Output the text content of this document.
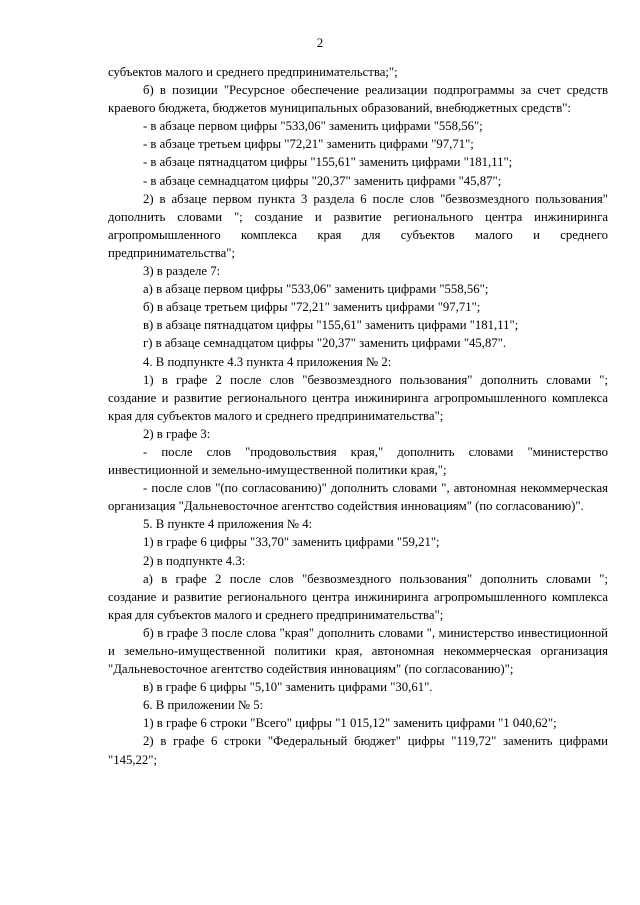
2

субъектов малого и среднего предпринимательства;";

б) в позиции "Ресурсное обеспечение реализации подпрограммы за счет средств краевого бюджета, бюджетов муниципальных образований, внебюджетных средств":

- в абзаце первом цифры "533,06" заменить цифрами "558,56";

- в абзаце третьем цифры "72,21" заменить цифрами "97,71";

- в абзаце пятнадцатом цифры "155,61" заменить цифрами "181,11";

- в абзаце семнадцатом цифры "20,37" заменить цифрами "45,87";

2) в абзаце первом пункта 3 раздела 6 после слов "безвозмездного пользования" дополнить словами "; создание и развитие регионального центра инжиниринга агропромышленного комплекса края для субъектов малого и среднего предпринимательства";

3) в разделе 7:

а) в абзаце первом цифры "533,06" заменить цифрами "558,56";

б) в абзаце третьем цифры "72,21" заменить цифрами "97,71";

в) в абзаце пятнадцатом цифры "155,61" заменить цифрами "181,11";

г) в абзаце семнадцатом цифры "20,37" заменить цифрами "45,87".

4. В подпункте 4.3 пункта 4 приложения № 2:

1) в графе 2 после слов "безвозмездного пользования" дополнить словами "; создание и развитие регионального центра инжиниринга агропромышленного комплекса края для субъектов малого и среднего предпринимательства";

2) в графе 3:

- после слов "продовольствия края," дополнить словами "министерство инвестиционной и земельно-имущественной политики края,";

- после слов "(по согласованию)" дополнить словами ", автономная некоммерческая организация "Дальневосточное агентство содействия инновациям" (по согласованию)".

5. В пункте 4 приложения № 4:

1) в графе 6 цифры "33,70" заменить цифрами "59,21";

2) в подпункте 4.3:

а) в графе 2 после слов "безвозмездного пользования" дополнить словами "; создание и развитие регионального центра инжиниринга агропромышленного комплекса края для субъектов малого и среднего предпринимательства";

б) в графе 3 после слова "края" дополнить словами ", министерство инвестиционной и земельно-имущественной политики края, автономная некоммерческая организация "Дальневосточное агентство содействия инновациям" (по согласованию)";

в) в графе 6 цифры "5,10" заменить цифрами "30,61".

6. В приложении № 5:

1) в графе 6 строки "Всего" цифры "1 015,12" заменить цифрами "1 040,62";

2) в графе 6 строки "Федеральный бюджет" цифры "119,72" заменить цифрами "145,22";
